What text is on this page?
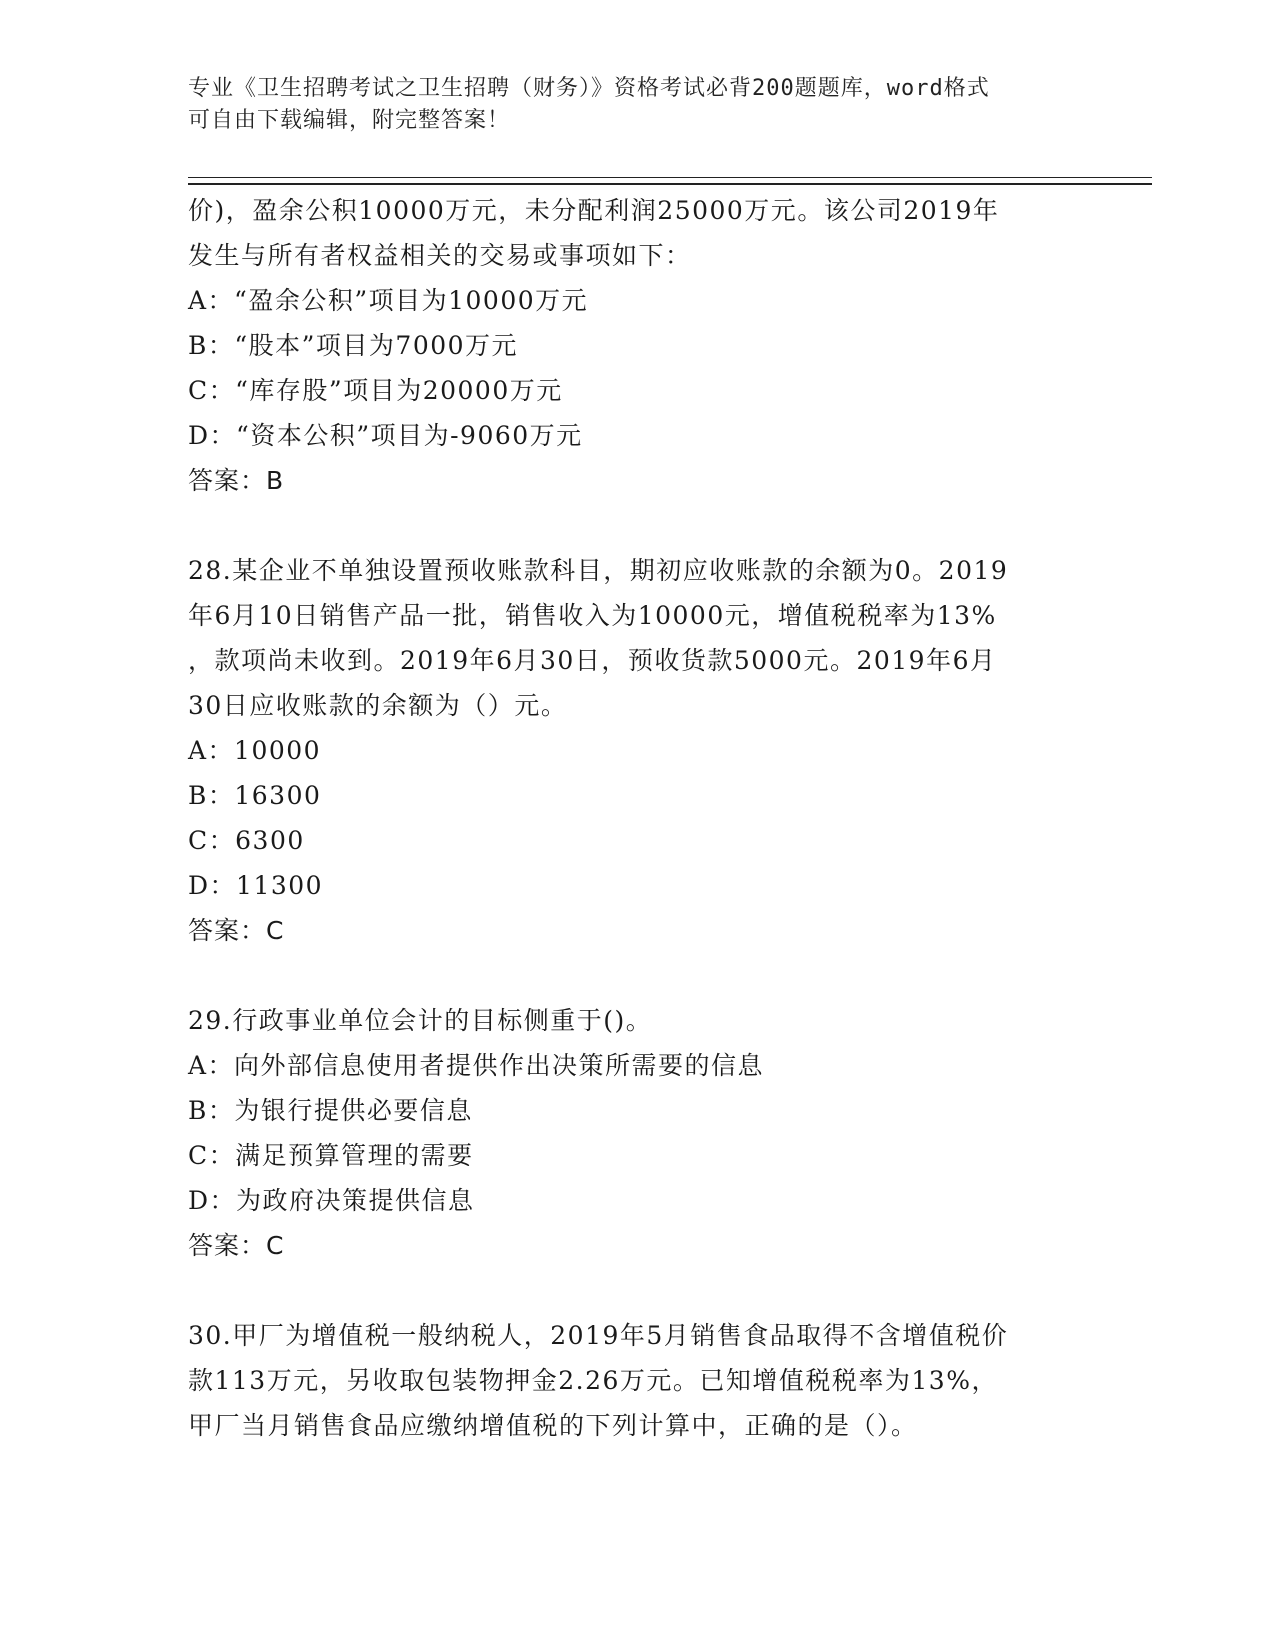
专业《卫生招聘考试之卫生招聘（财务）》资格考试必背200题题库，word格式
可自由下载编辑，附完整答案！
价)，盈余公积10000万元，未分配利润25000万元。该公司2019年
发生与所有者权益相关的交易或事项如下：
A：“盈余公积”项目为10000万元
B：“股本”项目为7000万元
C：“库存股”项目为20000万元
D：“资本公积”项目为-9060万元
答案：B
28.某企业不单独设置预收账款科目，期初应收账款的余额为0。2019
年6月10日销售产品一批，销售收入为10000元，增值税税率为13%
，款项尚未收到。2019年6月30日，预收货款5000元。2019年6月
30日应收账款的余额为（）元。
A：10000
B：16300
C：6300
D：11300
答案：C
29.行政事业单位会计的目标侧重于()。
A：向外部信息使用者提供作出决策所需要的信息
B：为银行提供必要信息
C：满足预算管理的需要
D：为政府决策提供信息
答案：C
30.甲厂为增值税一般纳税人，2019年5月销售食品取得不含增值税价
款113万元，另收取包装物押金2.26万元。已知增值税税率为13%，
甲厂当月销售食品应缴纳增值税的下列计算中，正确的是（）。
